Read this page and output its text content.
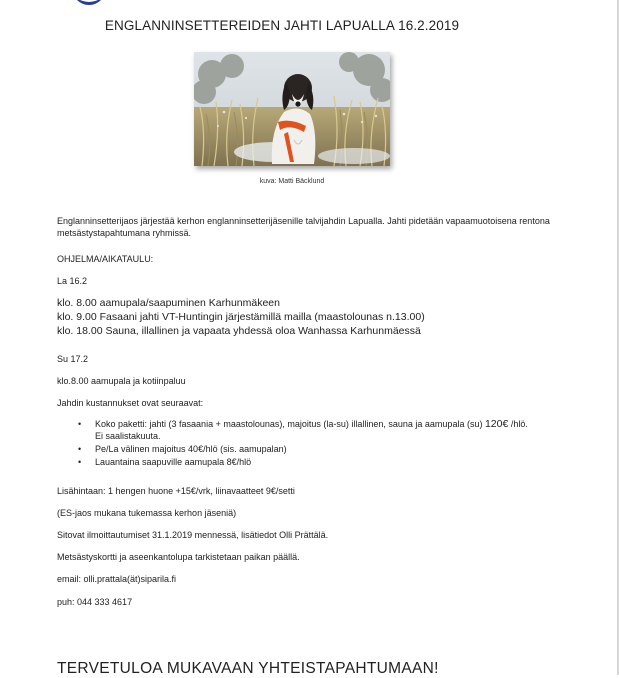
ENGLANNINSETTEREIDEN JAHTI LAPUALLA 16.2.2019
kuva: Matti Bäcklund
Englanninsetterijaos järjestää kerhon englanninsetterijäsenille talvijahdin Lapualla. Jahti pidetään vapaamuotoisena rentona metsästystapahtumana ryhmissä.
OHJELMA/AIKATAULU:
La 16.2
klo. 8.00 aamupala/saapuminen Karhunmäkeen
klo. 9.00 Fasaani jahti VT-Huntingin järjestämillä mailla (maastolounas n.13.00)
klo. 18.00 Sauna, illallinen ja vapaata yhdessä oloa Wanhassa Karhunmäessä
Su 17.2
klo.8.00 aamupala ja kotiinpaluu
Jahdin kustannukset ovat seuraavat:
• Koko paketti: jahti (3 fasaania + maastolounas), majoitus (la-su) illallinen, sauna ja aamupala (su) 120€ /hlö.
Ei saalistakuuta.
• Pe/La välinen majoitus 40€/hlö (sis. aamupalan)
• Lauantaina saapuville aamupala 8€/hlö
Lisähintaan: 1 hengen huone +15€/vrk, liinavaatteet 9€/setti
(ES-jaos mukana tukemassa kerhon jäseniä)
Sitovat ilmoittautumiset 31.1.2019 mennessä, lisätiedot Olli Prättälä.
Metsästyskortti ja aseenkantolupa tarkistetaan paikan päällä.
email: olli.prattala(ät)siparila.fi
puh: 044 333 4617
TERVETULOA MUKAVAAN YHTEISTAPAHTUMAAN!
